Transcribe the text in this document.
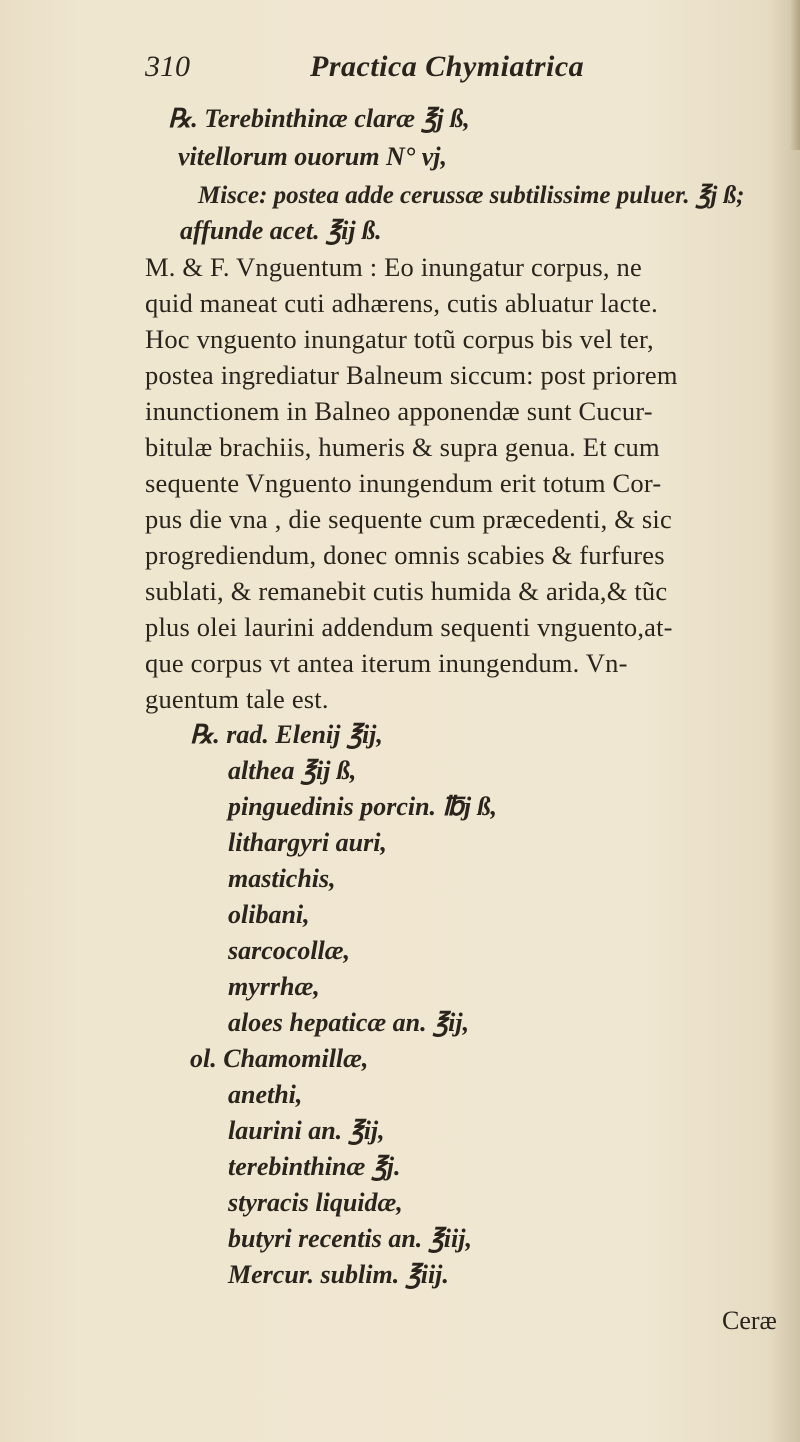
310	Practica Chymiatrica
℞. Terebinthinæ claræ ℥j ß,
vitellorum ouorum N° vj,
Misce: postea adde cerussæ subtilissime puluer. ℥j ß;
affunde acet. ℥ij ß.
M. & F. Vnguentum : Eo inungatur corpus, ne
quid maneat cuti adhærens, cutis abluatur lacte.
Hoc vnguento inungatur totũ corpus bis vel ter,
postea ingrediatur Balneum siccum: post priorem
inunctionem in Balneo apponendæ sunt Cucur-
bitulæ brachiis, humeris & supra genua. Et cum
sequente Vnguento inungendum erit totum Cor-
pus die vna , die sequente cum præcedenti, & sic
progrediendum, donec omnis scabies & furfures
sublati, & remanebit cutis humida & arida,& tũc
plus olei laurini addendum sequenti vnguento,at-
que corpus vt antea iterum inungendum. Vn-
guentum tale est.
℞. rad. Elenij ℥ij,
althea ℥ij ß,
pinguedinis porcin. ℔j ß,
lithargyri auri,
mastichis,
olibani,
sarcocollæ,
myrrhæ,
aloes hepaticæ an. ℥ij,
ol. Chamomillæ,
anethi,
laurini an. ℥ij,
terebinthinæ ℥j.
styracis liquidæ,
butyri recentis an. ℥iij,
Mercur. sublim. ℥iij.
Ceræ
